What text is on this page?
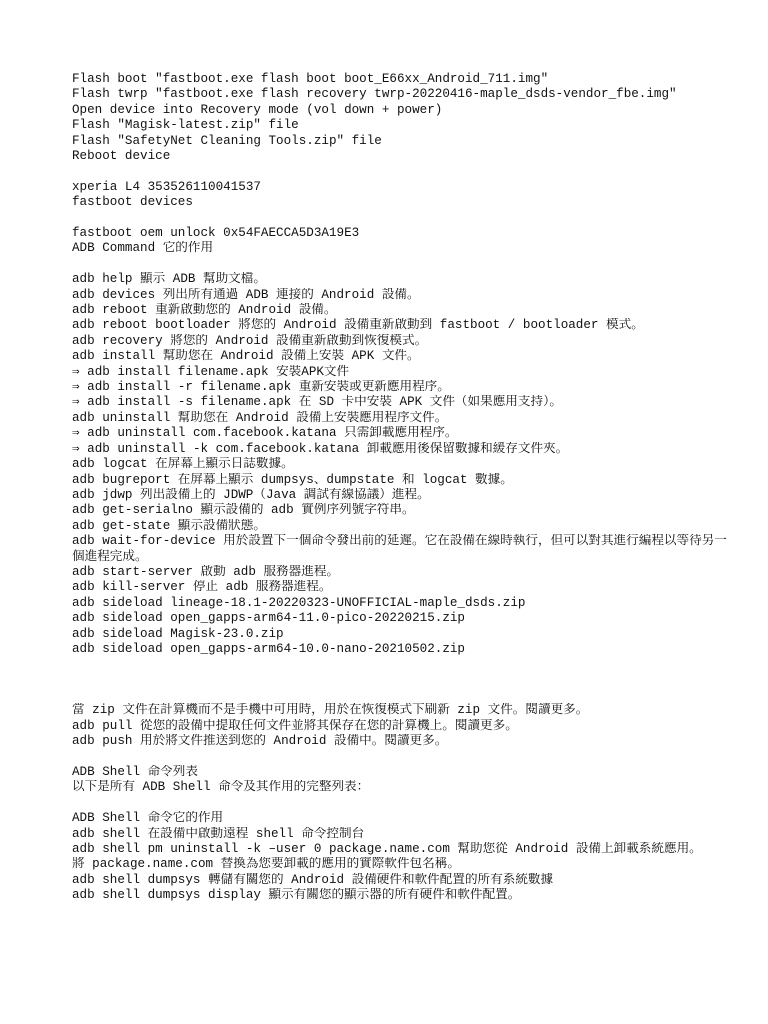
Flash boot "fastboot.exe flash boot boot_E66xx_Android_711.img"
Flash twrp "fastboot.exe flash recovery twrp-20220416-maple_dsds-vendor_fbe.img"
Open device into Recovery mode (vol down + power)
Flash "Magisk-latest.zip" file
Flash "SafetyNet Cleaning Tools.zip" file
Reboot device
xperia L4 353526110041537
fastboot devices
fastboot oem unlock 0x54FAECCA5D3A19E3
ADB Command 它的作用
adb help 顯示 ADB 幫助文檔。
adb devices 列出所有通過 ADB 連接的 Android 設備。
adb reboot 重新啟動您的 Android 設備。
adb reboot bootloader 將您的 Android 設備重新啟動到 fastboot / bootloader 模式。
adb recovery 將您的 Android 設備重新啟動到恢復模式。
adb install 幫助您在 Android 設備上安裝 APK 文件。
⇒ adb install filename.apk 安裝APK文件
⇒ adb install -r filename.apk 重新安裝或更新應用程序。
⇒ adb install -s filename.apk 在 SD 卡中安裝 APK 文件（如果應用支持）。
adb uninstall 幫助您在 Android 設備上安裝應用程序文件。
⇒ adb uninstall com.facebook.katana 只需卸載應用程序。
⇒ adb uninstall -k com.facebook.katana 卸載應用後保留數據和緩存文件夾。
adb logcat 在屏幕上顯示日誌數據。
adb bugreport 在屏幕上顯示 dumpsys、dumpstate 和 logcat 數據。
adb jdwp 列出設備上的 JDWP（Java 調試有線協議）進程。
adb get-serialno 顯示設備的 adb 實例序列號字符串。
adb get-state 顯示設備狀態。
adb wait-for-device 用於設置下一個命令發出前的延遲。它在設備在線時執行，但可以對其進行編程以等待另一個進程完成。
adb start-server 啟動 adb 服務器進程。
adb kill-server 停止 adb 服務器進程。
adb sideload lineage-18.1-20220323-UNOFFICIAL-maple_dsds.zip
adb sideload open_gapps-arm64-11.0-pico-20220215.zip
adb sideload Magisk-23.0.zip
adb sideload open_gapps-arm64-10.0-nano-20210502.zip
當 zip 文件在計算機而不是手機中可用時，用於在恢復模式下刷新 zip 文件。閱讀更多。
adb pull 從您的設備中提取任何文件並將其保存在您的計算機上。閱讀更多。
adb push 用於將文件推送到您的 Android 設備中。閱讀更多。
ADB Shell 命令列表
以下是所有 ADB Shell 命令及其作用的完整列表：
ADB Shell 命令它的作用
adb shell 在設備中啟動遠程 shell 命令控制台
adb shell pm uninstall -k –user 0 package.name.com 幫助您從 Android 設備上卸載系統應用。
將 package.name.com 替換為您要卸載的應用的實際軟件包名稱。
adb shell dumpsys 轉儲有關您的 Android 設備硬件和軟件配置的所有系統數據
adb shell dumpsys display 顯示有關您的顯示器的所有硬件和軟件配置。
